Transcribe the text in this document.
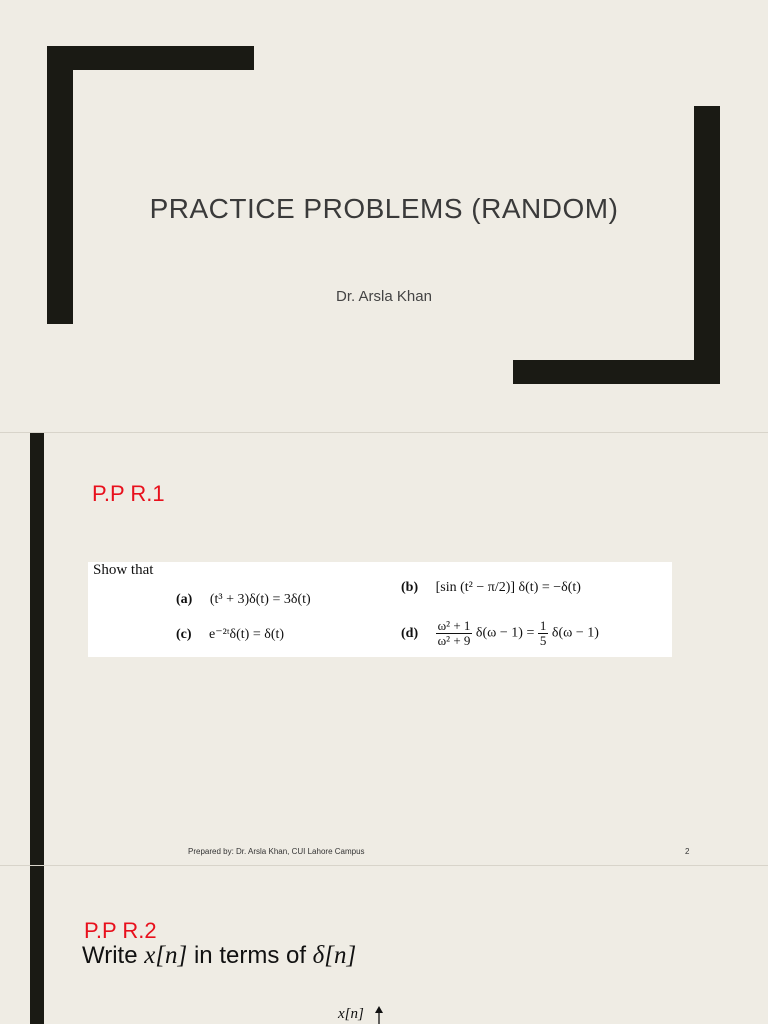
PRACTICE PROBLEMS (RANDOM)
Dr. Arsla Khan
P.P R.1
Show that
(a) (t³ + 3)δ(t) = 3δ(t)
(b) [sin (t² − π/2)] δ(t) = −δ(t)
(c) e⁻²ᵗδ(t) = δ(t)	$(d) \frac{\text{ω² + 1}}{\text{ω² + 9}} \delta(\omega - 1) = \frac{1}{5} \delta(\omega - 1)$
Prepared by: Dr. Arsla Khan, CUI Lahore Campus	2
P.P R.2
Write x[n] in terms of δ[n]
x[n]
